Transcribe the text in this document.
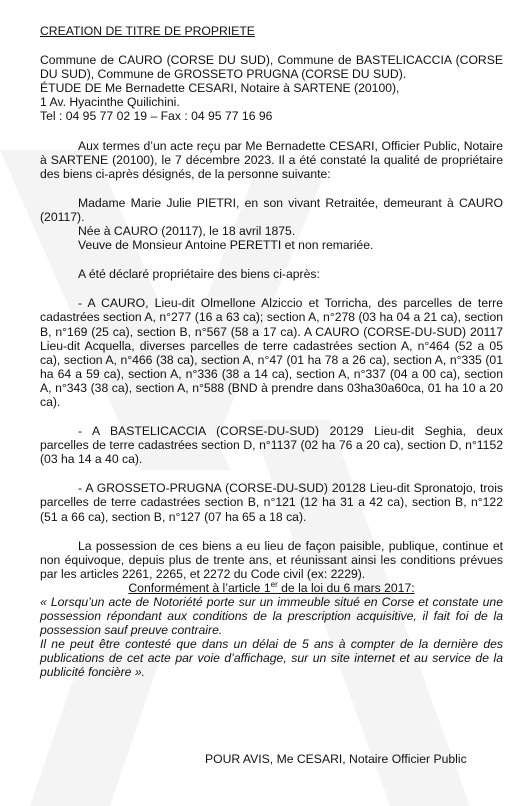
CREATION DE TITRE DE PROPRIETE

Commune de CAURO (CORSE DU SUD), Commune de BASTELICACCIA (CORSE DU SUD), Commune de GROSSETO PRUGNA (CORSE DU SUD).

ÉTUDE DE Me Bernadette CESARI, Notaire à SARTENE (20100),

1 Av. Hyacinthe Quilichini.

Tel : 04 95 77 02 19 – Fax : 04 95 77 16 96

Aux termes d’un acte reçu par Me Bernadette CESARI, Officier Public, Notaire à SARTENE (20100), le 7 décembre 2023. Il a été constaté la qualité de propriétaire des biens ci-après désignés, de la personne suivante:

Madame Marie Julie PIETRI, en son vivant Retraitée, demeurant à CAURO (20117).

Née à CAURO (20117), le 18 avril 1875.

Veuve de Monsieur Antoine PERETTI et non remariée.

A été déclaré propriétaire des biens ci-après:

- A CAURO, Lieu-dit Olmellone Alziccio et Torricha, des parcelles de terre cadastrées section A, n°277 (16 a 63 ca); section A, n°278 (03 ha 04 a 21 ca), section B, n°169 (25 ca), section B, n°567 (58 a 17 ca). A CAURO (CORSE-DU-SUD) 20117 Lieu-dit Acquella, diverses parcelles de terre cadastrées section A, n°464 (52 a 05 ca), section A, n°466 (38 ca), section A, n°47 (01 ha 78 a 26 ca), section A, n°335 (01 ha 64 a 59 ca), section A, n°336 (38 a 14 ca), section A, n°337 (04 a 00 ca), section A, n°343 (38 ca), section A, n°588 (BND à prendre dans 03ha30a60ca, 01 ha 10 a 20 ca).

- A BASTELICACCIA (CORSE-DU-SUD) 20129 Lieu-dit Seghia, deux parcelles de terre cadastrées section D, n°1137 (02 ha 76 a 20 ca), section D, n°1152 (03 ha 14 a 40 ca).

- A GROSSETO-PRUGNA (CORSE-DU-SUD) 20128 Lieu-dit Spronatojo, trois parcelles de terre cadastrées section B, n°121 (12 ha 31 a 42 ca), section B, n°122 (51 a 66 ca), section B, n°127 (07 ha 65 a 18 ca).

La possession de ces biens a eu lieu de façon paisible, publique, continue et non équivoque, depuis plus de trente ans, et réunissant ainsi les conditions prévues par les articles 2261, 2265, et 2272 du Code civil (ex: 2229).

Conformément à l’article 1er de la loi du 6 mars 2017:

« Lorsqu’un acte de Notoriété porte sur un immeuble situé en Corse et constate une possession répondant aux conditions de la prescription acquisitive, il fait foi de la possession sauf preuve contraire.

Il ne peut être contesté que dans un délai de 5 ans à compter de la dernière des publications de cet acte par voie d’affichage, sur un site internet et au service de la publicité foncière ».

POUR AVIS, Me CESARI, Notaire Officier Public
